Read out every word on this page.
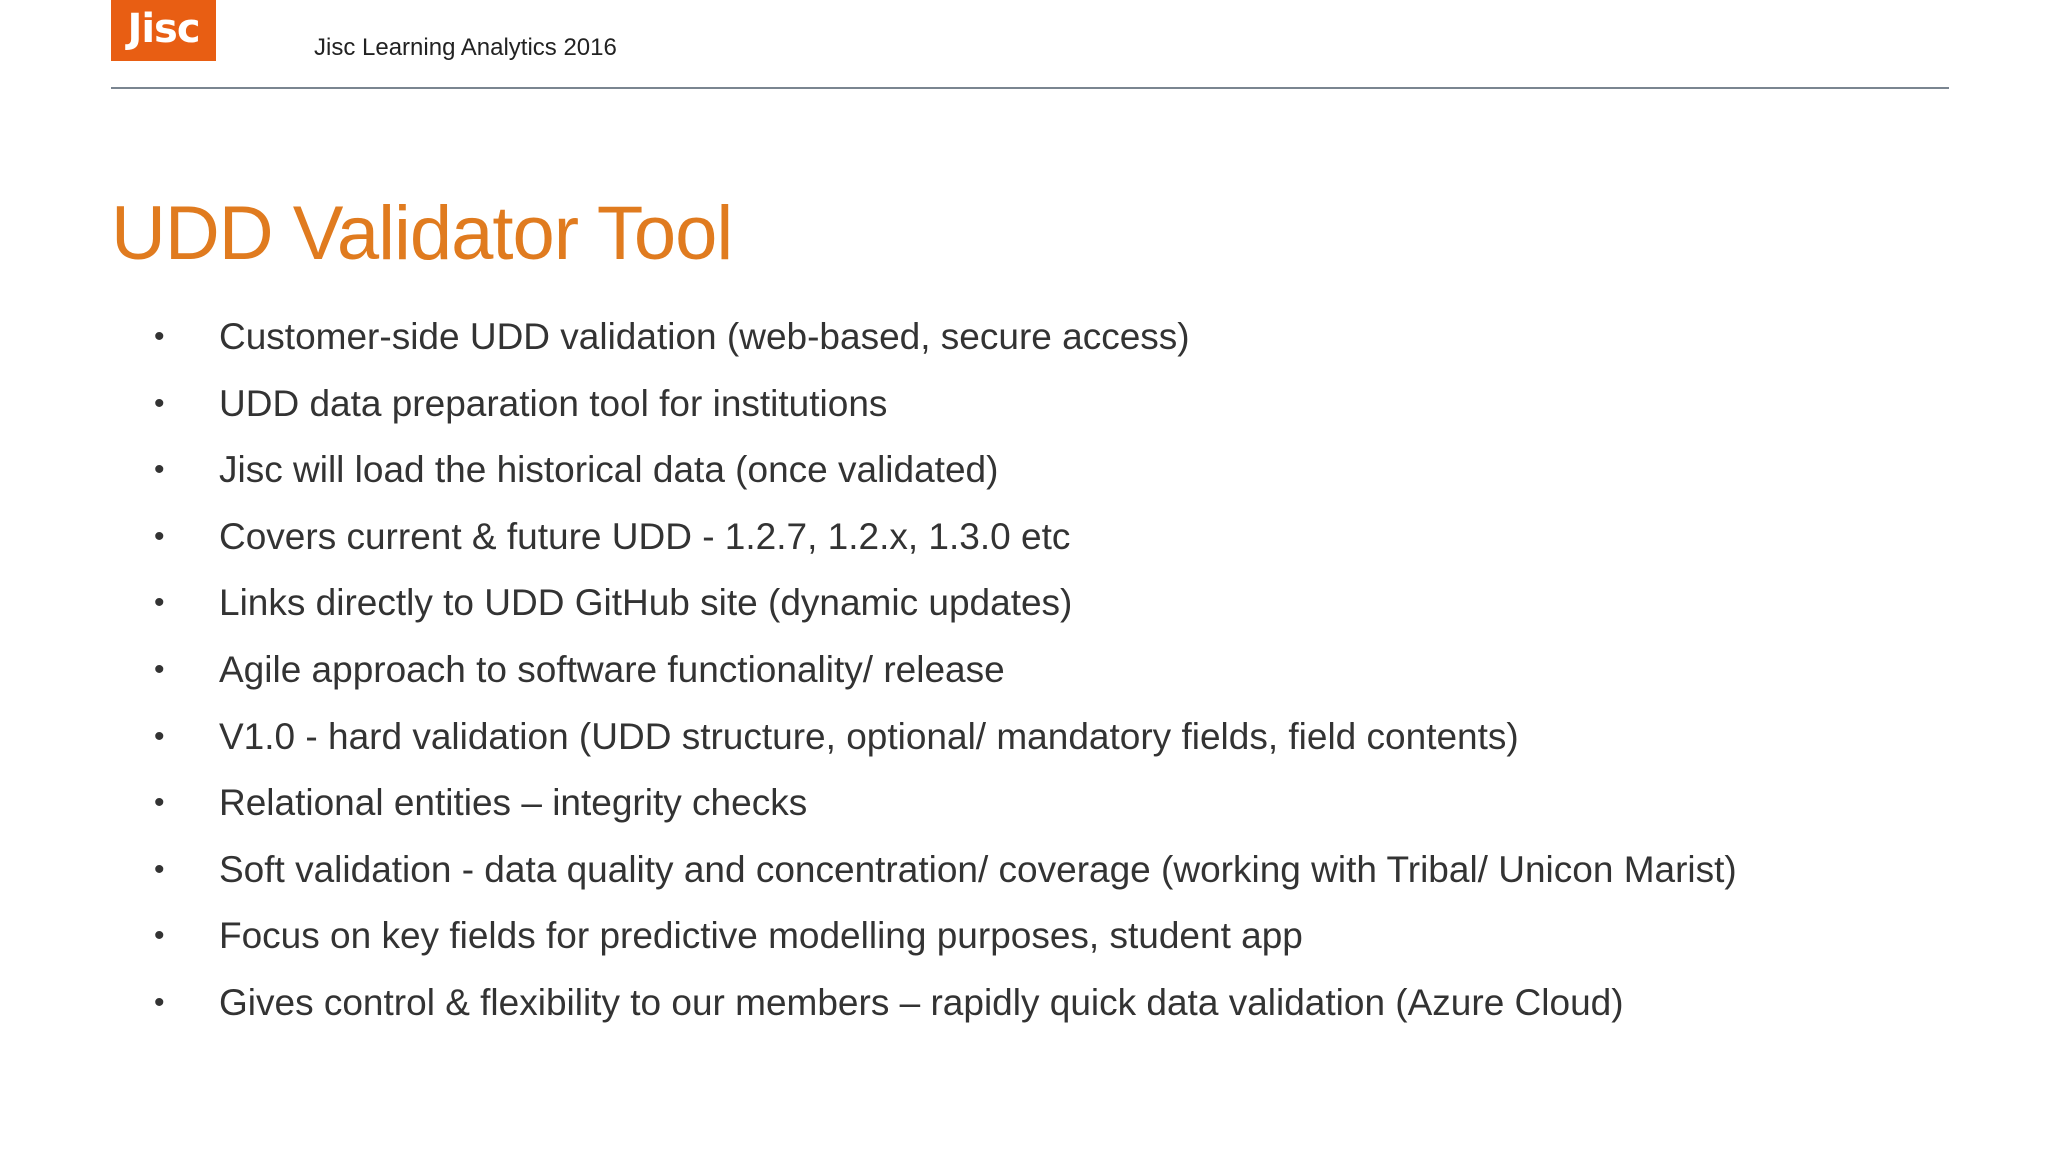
Jisc	Jisc Learning Analytics 2016
UDD Validator Tool
• Customer-side UDD validation (web-based, secure access)
• UDD data preparation tool for institutions
• Jisc will load the historical data (once validated)
• Covers current & future UDD - 1.2.7, 1.2.x, 1.3.0 etc
• Links directly to UDD GitHub site (dynamic updates)
• Agile approach to software functionality/ release
• V1.0 - hard validation (UDD structure, optional/ mandatory fields, field contents)
• Relational entities – integrity checks
• Soft validation - data quality and concentration/ coverage (working with Tribal/ Unicon Marist)
• Focus on key fields for predictive modelling purposes, student app
• Gives control & flexibility to our members – rapidly quick data validation (Azure Cloud)
